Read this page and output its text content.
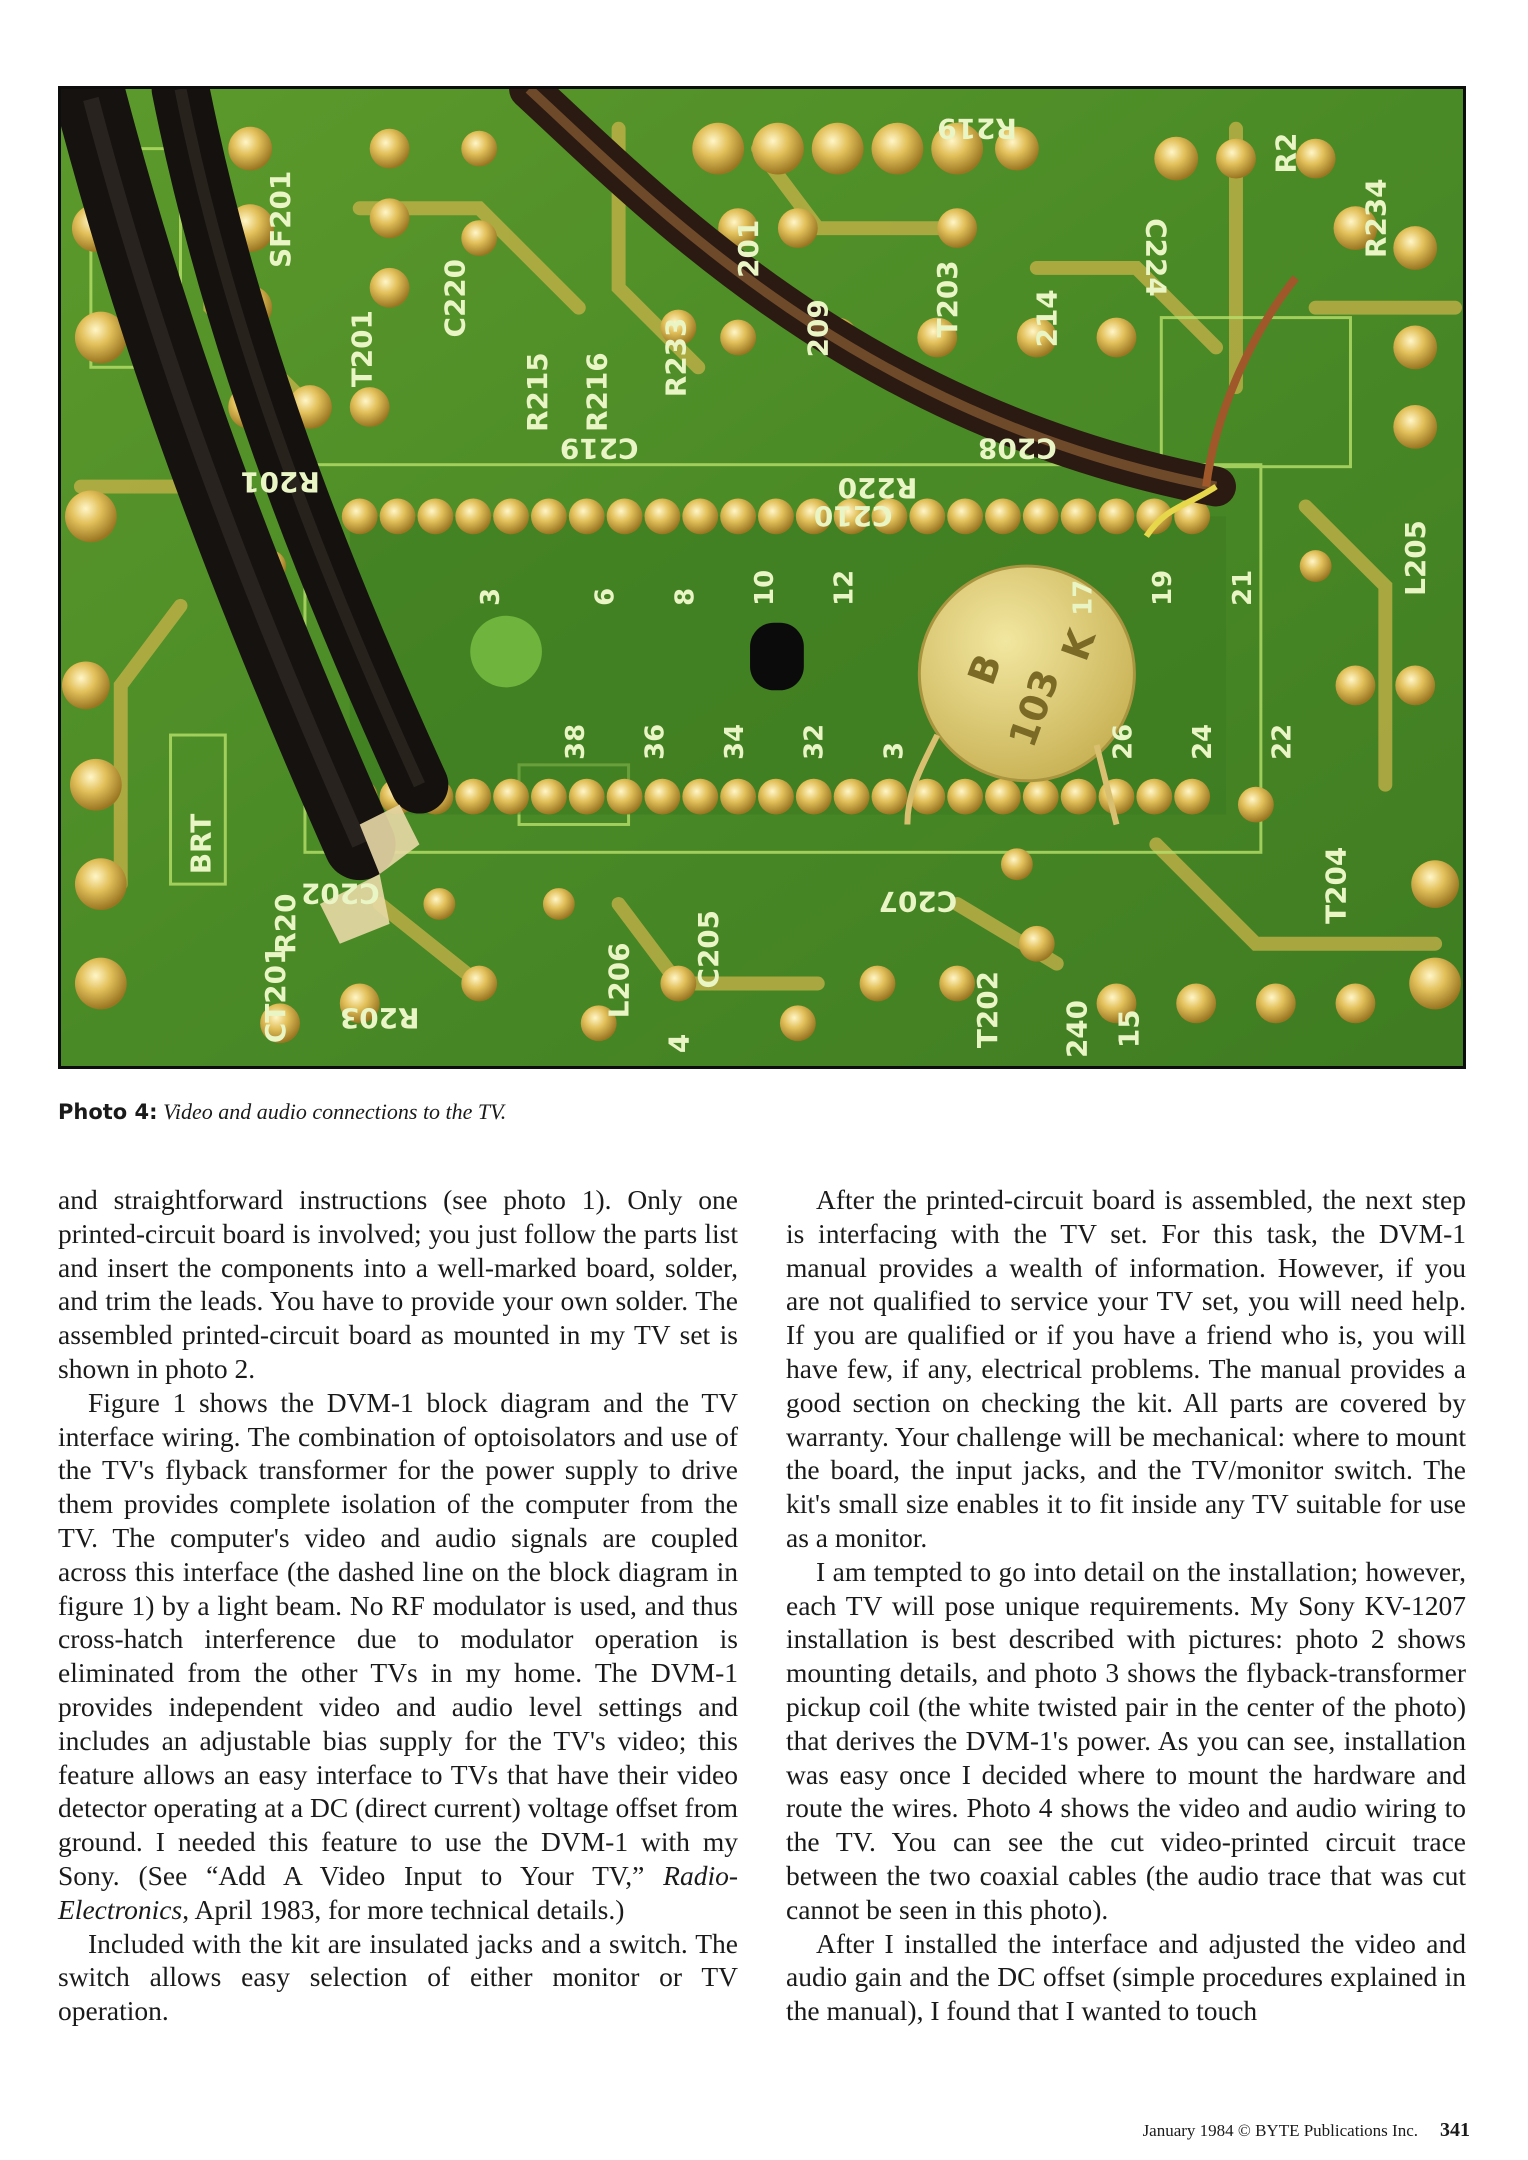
B
K
103
SF201
T201
C220
R215 R216 R233
201
209	T203 214
C224
R219
R2
R234
R201
C219	C208
R220
C210
L205
T204
BRT
R20
C202
CT201 R203	L206 C205
T202
C207
240 15
4
3	6 8 10 12	17 19 21
38 36 34 32 3	26 24 22
Photo 4: Video and audio connections to the TV.

and straightforward instructions (see photo 1). Only one printed-circuit board is involved; you just follow the parts list and insert the components into a well-marked board, solder, and trim the leads. You have to provide your own solder. The assembled printed-circuit board as mounted in my TV set is shown in photo 2.

Figure 1 shows the DVM-1 block diagram and the TV interface wiring. The combination of optoisolators and use of the TV's flyback transformer for the power supply to drive them provides complete isolation of the computer from the TV. The computer's video and audio signals are coupled across this interface (the dashed line on the block diagram in figure 1) by a light beam. No RF modulator is used, and thus cross-hatch interference due to modulator operation is eliminated from the other TVs in my home. The DVM-1 provides independent video and audio level settings and includes an adjustable bias supply for the TV's video; this feature allows an easy interface to TVs that have their video detector operating at a DC (direct current) voltage offset from ground. I needed this feature to use the DVM-1 with my Sony. (See “Add A Video Input to Your TV,” Radio-Electronics, April 1983, for more technical details.)

Included with the kit are insulated jacks and a switch. The switch allows easy selection of either monitor or TV operation.

After the printed-circuit board is assembled, the next step is interfacing with the TV set. For this task, the DVM-1 manual provides a wealth of information. However, if you are not qualified to service your TV set, you will need help. If you are qualified or if you have a friend who is, you will have few, if any, electrical problems. The manual provides a good section on checking the kit. All parts are covered by warranty. Your challenge will be mechanical: where to mount the board, the input jacks, and the TV/monitor switch. The kit's small size enables it to fit inside any TV suitable for use as a monitor.

I am tempted to go into detail on the installation; however, each TV will pose unique requirements. My Sony KV-1207 installation is best described with pictures: photo 2 shows mounting details, and photo 3 shows the flyback-transformer pickup coil (the white twisted pair in the center of the photo) that derives the DVM-1's power. As you can see, installation was easy once I decided where to mount the hardware and route the wires. Photo 4 shows the video and audio wiring to the TV. You can see the cut video-printed circuit trace between the two coaxial cables (the audio trace that was cut cannot be seen in this photo).

After I installed the interface and adjusted the video and audio gain and the DC offset (simple procedures explained in the manual), I found that I wanted to touch

January 1984 © BYTE Publications Inc. 341
